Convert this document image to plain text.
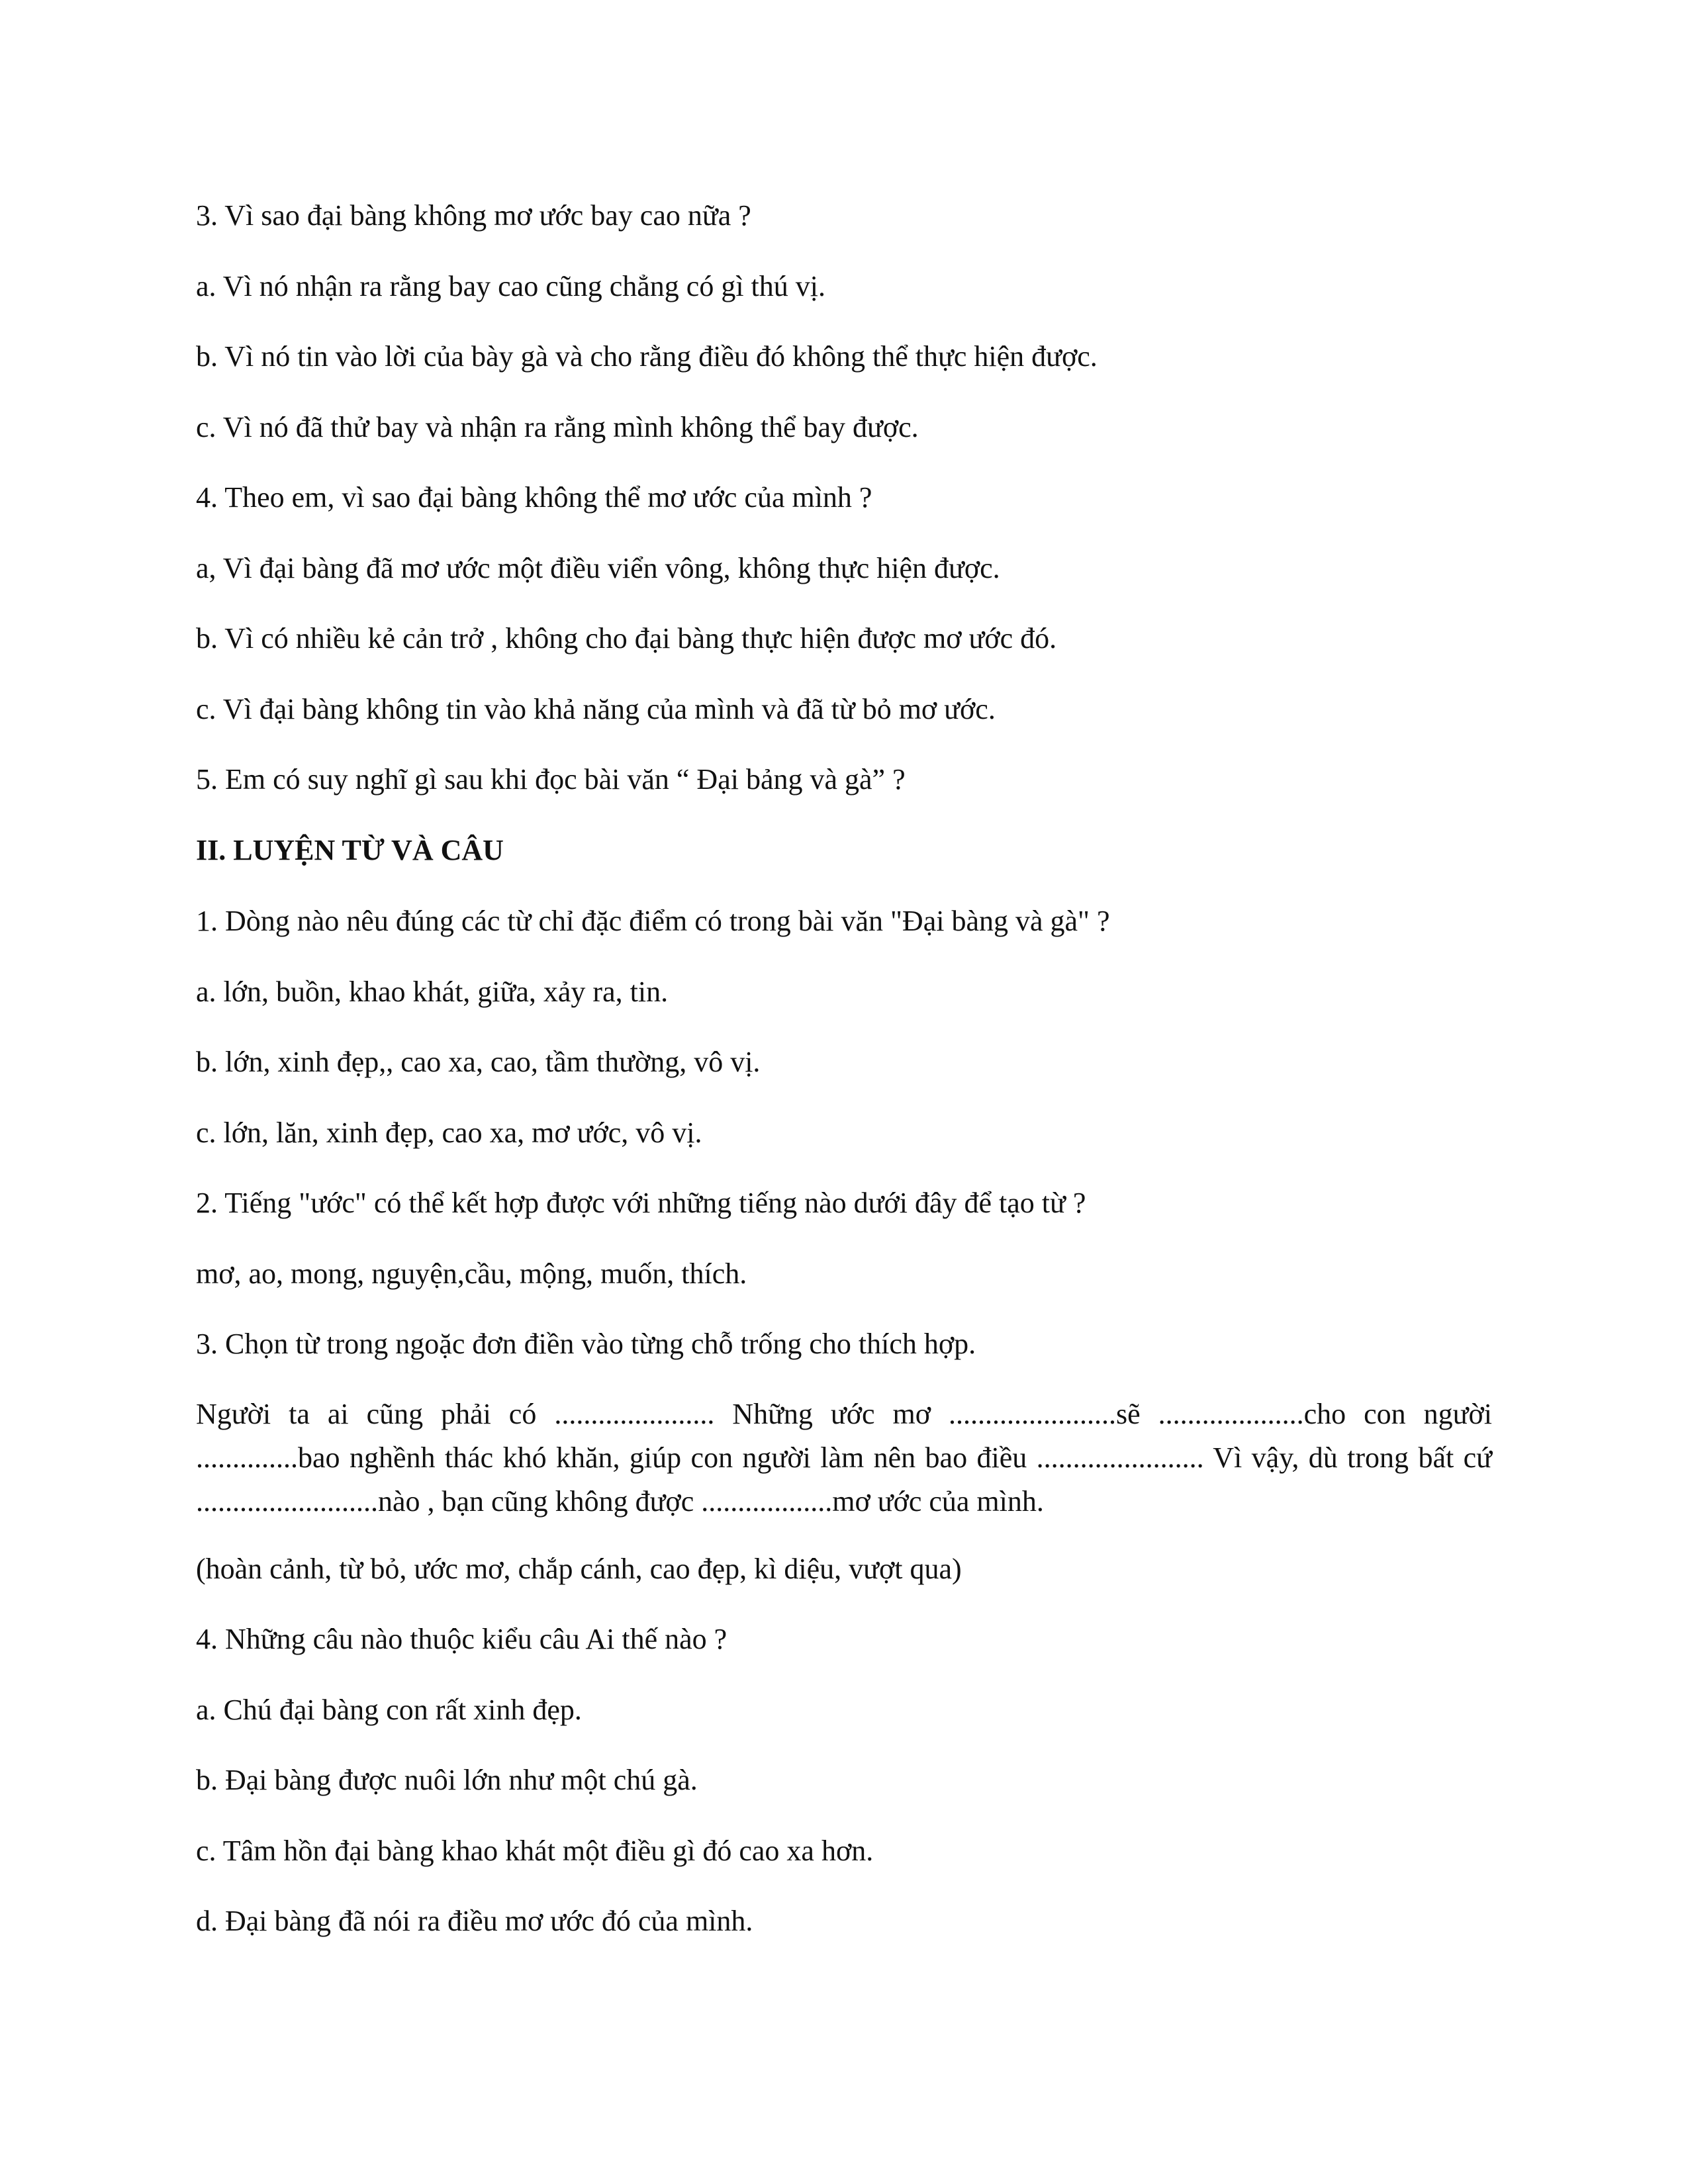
3. Vì sao đại bàng không mơ ước bay cao nữa ?
a. Vì nó nhận ra rằng bay cao cũng chẳng có gì thú vị.
b. Vì nó tin vào lời của bày gà và cho rằng điều đó không thể thực hiện được.
c. Vì nó đã thử bay và nhận ra rằng mình không thể bay được.
4. Theo em, vì sao đại bàng không thể mơ ước của mình ?
a, Vì đại bàng đã mơ ước một điều viển vông, không thực hiện được.
b. Vì có nhiều kẻ cản trở , không cho đại bàng thực hiện được mơ ước đó.
c. Vì đại bàng không tin vào khả năng của mình và đã từ bỏ mơ ước.
5. Em có suy nghĩ gì sau khi đọc bài văn “ Đại bảng và gà” ?
II. LUYỆN TỪ VÀ CÂU
1. Dòng nào nêu đúng các từ chỉ đặc điểm có trong bài văn "Đại bàng và gà" ?
a. lớn, buồn, khao khát, giữa, xảy ra, tin.
b. lớn, xinh đẹp,, cao xa, cao, tầm thường, vô vị.
c. lớn, lăn, xinh đẹp, cao xa, mơ ước, vô vị.
2. Tiếng "ước" có thể kết hợp được với những tiếng nào dưới đây để tạo từ ?
mơ, ao, mong, nguyện,cầu, mộng, muốn, thích.
3. Chọn từ trong ngoặc đơn điền vào từng chỗ trống cho thích hợp.
Người ta ai cũng phải có ...................... Những ước mơ .......................sẽ ....................cho con người ..............bao nghềnh thác khó khăn, giúp con người làm nên bao điều ....................... Vì vậy, dù trong bất cứ .........................nào , bạn cũng không được ..................mơ ước của mình.
(hoàn cảnh, từ bỏ, ước mơ, chắp cánh, cao đẹp, kì diệu, vượt qua)
4. Những câu nào thuộc kiểu câu Ai thế nào ?
a. Chú đại bàng con rất xinh đẹp.
b. Đại bàng được nuôi lớn như một chú gà.
c. Tâm hồn đại bàng khao khát một điều gì đó cao xa hơn.
d. Đại bàng đã nói ra điều mơ ước đó của mình.
